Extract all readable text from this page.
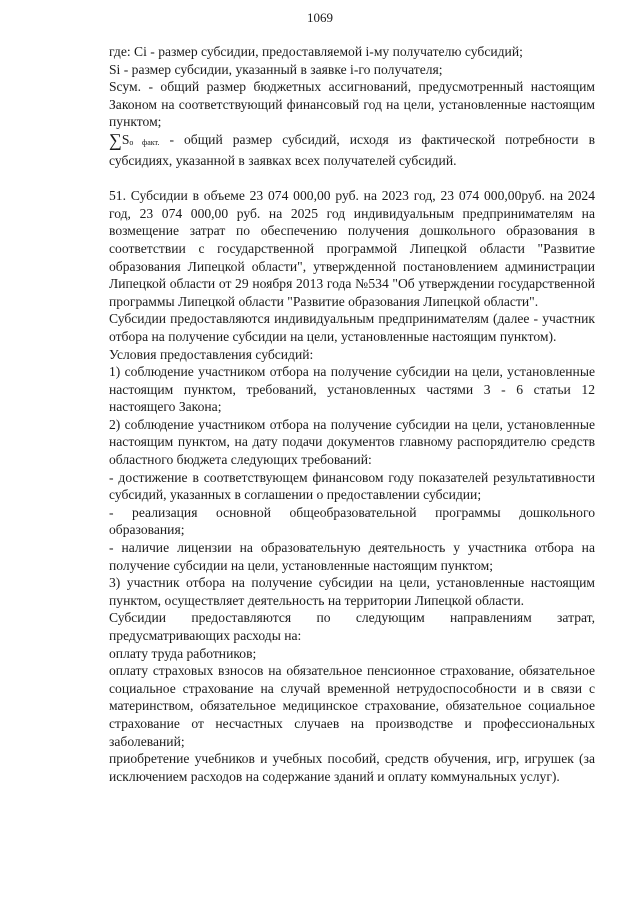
1069

где: Ci - размер субсидии, предоставляемой i-му получателю субсидий;

Si - размер субсидии, указанный в заявке i-го получателя;

Sсум. - общий размер бюджетных ассигнований, предусмотренный настоящим Законом на соответствующий финансовый год на цели, установленные настоящим пунктом;

∑So факт. - общий размер субсидий, исходя из фактической потребности в субсидиях, указанной в заявках всех получателей субсидий.

51. Субсидии в объеме 23 074 000,00 руб. на 2023 год, 23 074 000,00руб. на 2024 год, 23 074 000,00 руб. на 2025 год индивидуальным предпринимателям на возмещение затрат по обеспечению получения дошкольного образования в соответствии с государственной программой Липецкой области "Развитие образования Липецкой области", утвержденной постановлением администрации Липецкой области от 29 ноября 2013 года №534 "Об утверждении государственной программы Липецкой области "Развитие образования Липецкой области".

Субсидии предоставляются индивидуальным предпринимателям (далее - участник отбора на получение субсидии на цели, установленные настоящим пунктом).

Условия предоставления субсидий:

1) соблюдение участником отбора на получение субсидии на цели, установленные настоящим пунктом, требований, установленных частями 3 - 6 статьи 12 настоящего Закона;

2) соблюдение участником отбора на получение субсидии на цели, установленные настоящим пунктом, на дату подачи документов главному распорядителю средств областного бюджета следующих требований:

- достижение в соответствующем финансовом году показателей результативности субсидий, указанных в соглашении о предоставлении субсидии;

- реализация основной общеобразовательной программы дошкольного образования;

- наличие лицензии на образовательную деятельность у участника отбора на получение субсидии на цели, установленные настоящим пунктом;

3) участник отбора на получение субсидии на цели, установленные настоящим пунктом, осуществляет деятельность на территории Липецкой области.

Субсидии предоставляются по следующим направлениям затрат, предусматривающих расходы на:

оплату труда работников;

оплату страховых взносов на обязательное пенсионное страхование, обязательное социальное страхование на случай временной нетрудоспособности и в связи с материнством, обязательное медицинское страхование, обязательное социальное страхование от несчастных случаев на производстве и профессиональных заболеваний;

приобретение учебников и учебных пособий, средств обучения, игр, игрушек (за исключением расходов на содержание зданий и оплату коммунальных услуг).
